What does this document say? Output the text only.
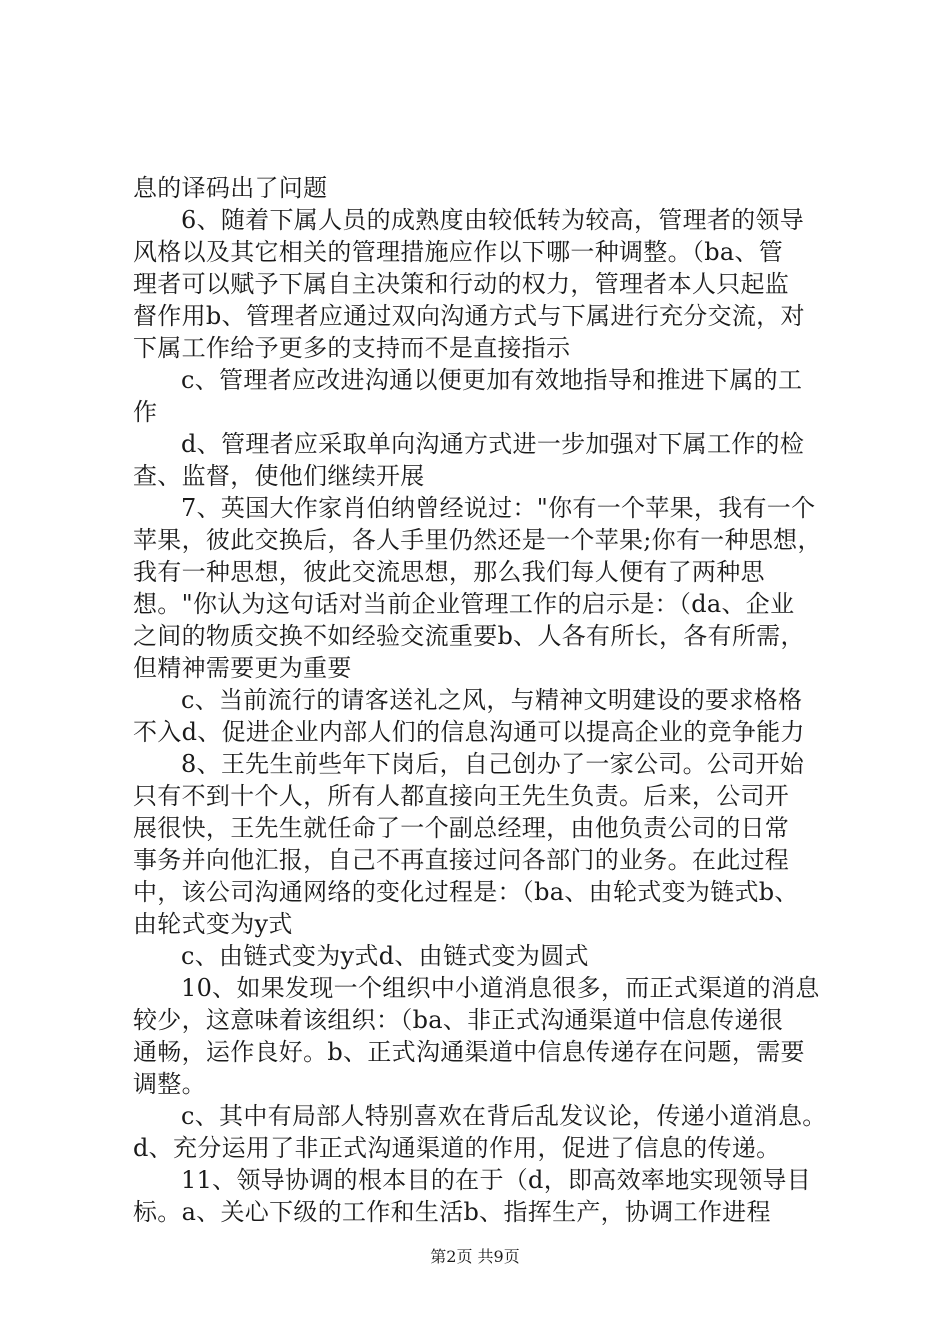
息的译码出了问题

6、随着下属人员的成熟度由较低转为较高，管理者的领导
风格以及其它相关的管理措施应作以下哪一种调整。（ba、管
理者可以赋予下属自主决策和行动的权力，管理者本人只起监
督作用b、管理者应通过双向沟通方式与下属进行充分交流，对
下属工作给予更多的支持而不是直接指示

c、管理者应改进沟通以便更加有效地指导和推进下属的工
作

d、管理者应采取单向沟通方式进一步加强对下属工作的检
查、监督，使他们继续开展

7、英国大作家肖伯纳曾经说过："你有一个苹果，我有一个
苹果，彼此交换后，各人手里仍然还是一个苹果;你有一种思想，
我有一种思想，彼此交流思想，那么我们每人便有了两种思
想。"你认为这句话对当前企业管理工作的启示是：（da、企业
之间的物质交换不如经验交流重要b、人各有所长，各有所需，
但精神需要更为重要

c、当前流行的请客送礼之风，与精神文明建设的要求格格
不入d、促进企业内部人们的信息沟通可以提高企业的竞争能力

8、王先生前些年下岗后，自己创办了一家公司。公司开始
只有不到十个人，所有人都直接向王先生负责。后来，公司开
展很快，王先生就任命了一个副总经理，由他负责公司的日常
事务并向他汇报，自己不再直接过问各部门的业务。在此过程
中，该公司沟通网络的变化过程是：（ba、由轮式变为链式b、
由轮式变为y式

c、由链式变为y式d、由链式变为圆式

10、如果发现一个组织中小道消息很多，而正式渠道的消息
较少，这意味着该组织：（ba、非正式沟通渠道中信息传递很
通畅，运作良好。b、正式沟通渠道中信息传递存在问题，需要
调整。

c、其中有局部人特别喜欢在背后乱发议论，传递小道消息。
d、充分运用了非正式沟通渠道的作用，促进了信息的传递。

11、领导协调的根本目的在于（d，即高效率地实现领导目
标。a、关心下级的工作和生活b、指挥生产，协调工作进程

第2页 共9页
